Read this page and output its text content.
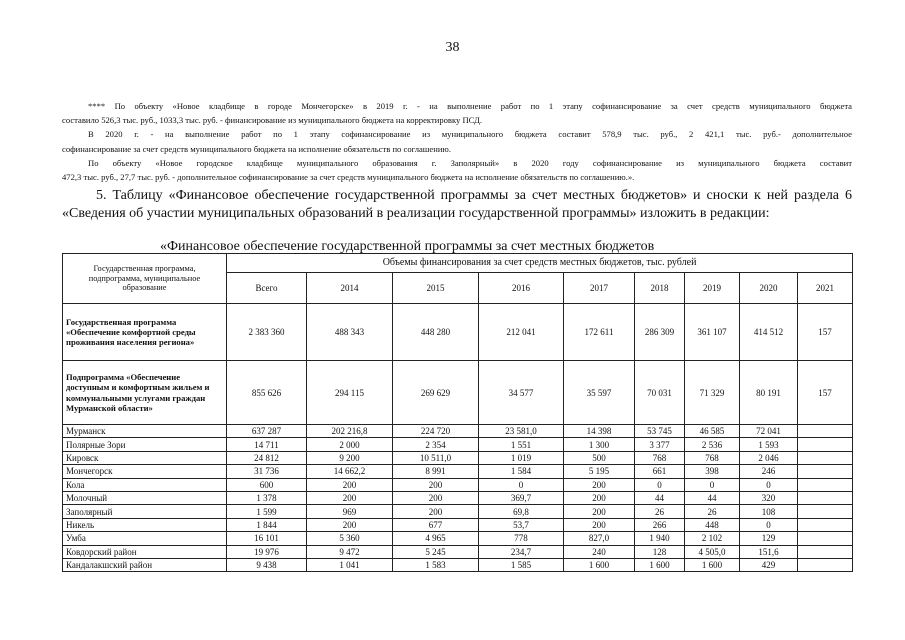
38

**** По объекту «Новое кладбище в городе Мончегорске» в 2019 г. - на выполнение работ по 1 этапу софинансирование за счет средств муниципального бюджета

составило 526,3 тыс. руб., 1033,3 тыс. руб. - финансирование из муниципального бюджета на корректировку ПСД.

В 2020 г. - на выполнение работ по 1 этапу софинансирование из муниципального бюджета составит 578,9 тыс. руб., 2 421,1 тыс. руб.- дополнительное

софинансирование за счет средств муниципального бюджета на исполнение обязательств по соглашению.

По объекту «Новое городское кладбище муниципального образования г. Заполярный» в 2020 году софинансирование из муниципального бюджета составит

472,3 тыс. руб., 27,7 тыс. руб. - дополнительное софинансирование за счет средств муниципального бюджета на исполнение обязательств по соглашению.».

5. Таблицу «Финансовое обеспечение государственной программы за счет местных бюджетов» и сноски к ней раздела 6 «Сведения об участии муниципальных образований в реализации государственной программы» изложить в редакции:

«Финансовое обеспечение государственной программы за счет местных бюджетов
Государственная программа, подпрограмма, муниципальное образование	Объемы финансирования за счет средств местных бюджетов, тыс. рублей								
	Всего	2014	2015	2016	2017	2018	2019	2020	2021
Государственная программа «Обеспечение комфортной среды проживания населения региона»	2 383 360	488 343	448 280	212 041	172 611	286 309	361 107	414 512	157
Подпрограмма «Обеспечение доступным и комфортным жильем и коммунальными услугами граждан Мурманской области»	855 626	294 115	269 629	34 577	35 597	70 031	71 329	80 191	157
Мурманск	637 287	202 216,8	224 720	23 581,0	14 398	53 745	46 585	72 041	
Полярные Зори	14 711	2 000	2 354	1 551	1 300	3 377	2 536	1 593	
Кировск	24 812	9 200	10 511,0	1 019	500	768	768	2 046	
Мончегорск	31 736	14 662,2	8 991	1 584	5 195	661	398	246	
Кола	600	200	200	0	200	0	0	0	
Молочный	1 378	200	200	369,7	200	44	44	320	
Заполярный	1 599	969	200	69,8	200	26	26	108	
Никель	1 844	200	677	53,7	200	266	448	0	
Умба	16 101	5 360	4 965	778	827,0	1 940	2 102	129	
Ковдорский район	19 976	9 472	5 245	234,7	240	128	4 505,0	151,6	
Кандалакшский район	9 438	1 041	1 583	1 585	1 600	1 600	1 600	429	
